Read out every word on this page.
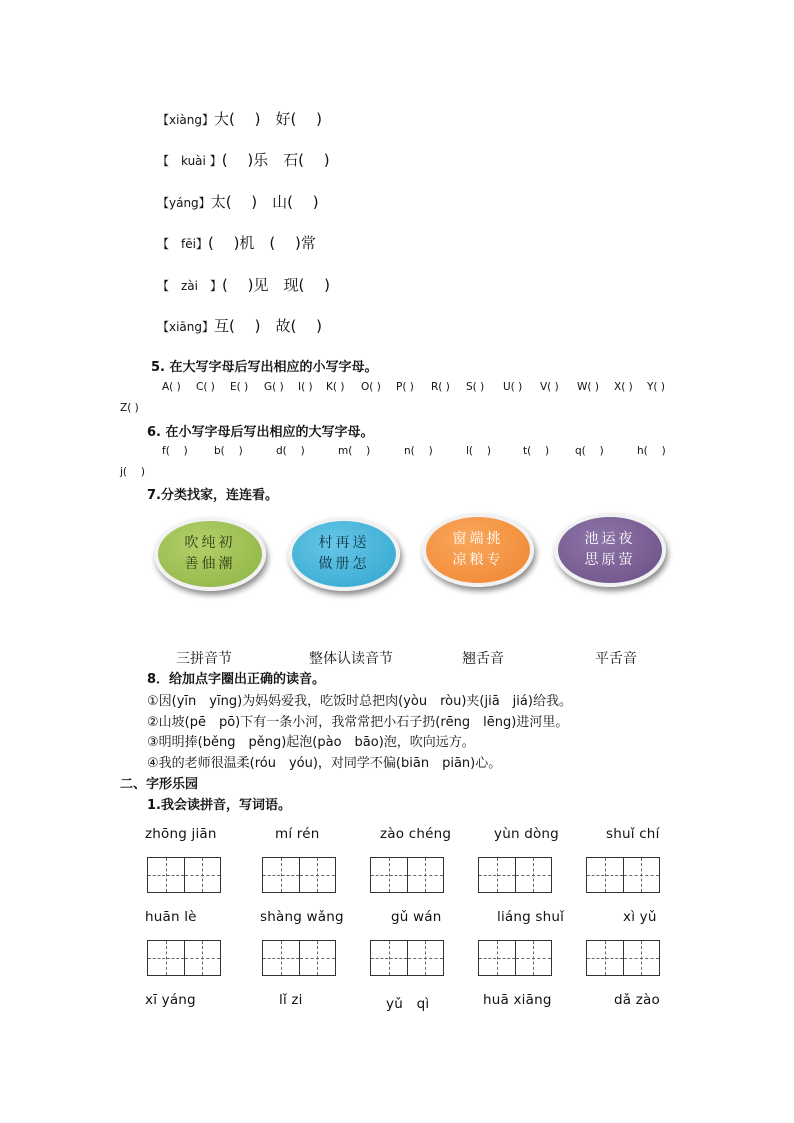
【xiàng】大(　 )　好(　 )
【　kuài 】(　 )乐　石(　 )
【yáng】太(　 )　山(　 )
【　fēi】(　 )机　(　 )常
【　zài　】(　 )见　现(　 )
【xiāng】互(　 )　故(　 )
5. 在大写字母后写出相应的小写字母。
A( ) C( ) E( ) G( ) I( ) K( ) O( ) P( ) R( ) S( ) U( ) V( ) W( ) X( ) Y( )
Z( )
6. 在小写字母后写出相应的大写字母。
f(　 )	b(　 )	d(　 )	m(　 )	n(　 )	l(　 )	t(　 ) q(　 )	h(　 )
j(　 )
7.分类找家，连连看。
吹纯初
善伷潮
村再送
做册怎
窗端挑
凉粮专
池运夜
思原萤
三拼音节	整体认读音节	翘舌音	平舌音
8．给加点字圈出正确的读音。
①因(yīn　yīng)为妈妈爱我，吃饭时总把肉(yòu　ròu)夹(jiā　jiá)给我。
②山坡(pē　pō)下有一条小河，我常常把小石子扔(rēng　lēng)进河里。
③明明捧(běng　pěng)起泡(pào　bāo)泡，吹向远方。
④我的老师很温柔(róu　yóu)，对同学不偏(biān　piān)心。
二、字形乐园
1.我会读拼音，写词语。
zhōng jiān	mí rén	zào chéng	yùn dòng	shuǐ chí
huān lè	shàng wǎng	gǔ wán	liáng shuǐ	xì yǔ
xī yáng	lǐ zi	yǔ　qì	huā xiāng	dǎ zào
